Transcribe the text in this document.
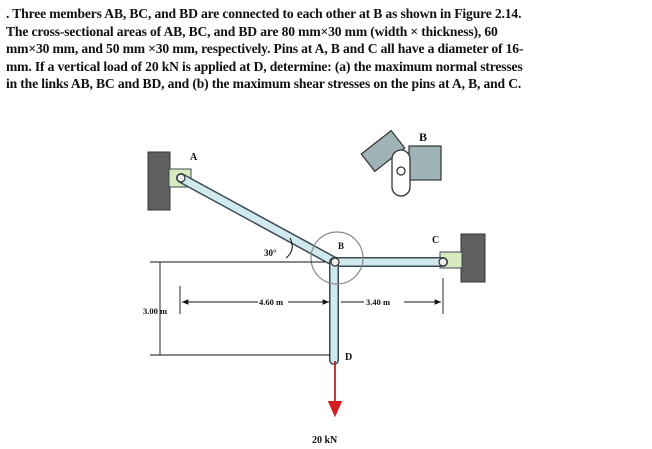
. Three members AB, BC, and BD are connected to each other at B as shown in Figure 2.14.
The cross-sectional areas of AB, BC, and BD are 80 mm×30 mm (width × thickness), 60
mm×30 mm, and 50 mm ×30 mm, respectively. Pins at A, B and C all have a diameter of 16-
mm. If a vertical load of 20 kN is applied at D, determine: (a) the maximum normal stresses
in the links AB, BC and BD, and (b) the maximum shear stresses on the pins at A, B, and C.
A
B
B	C
D
30°
3.00 m
4.60 m	3.40 m
20 kN
